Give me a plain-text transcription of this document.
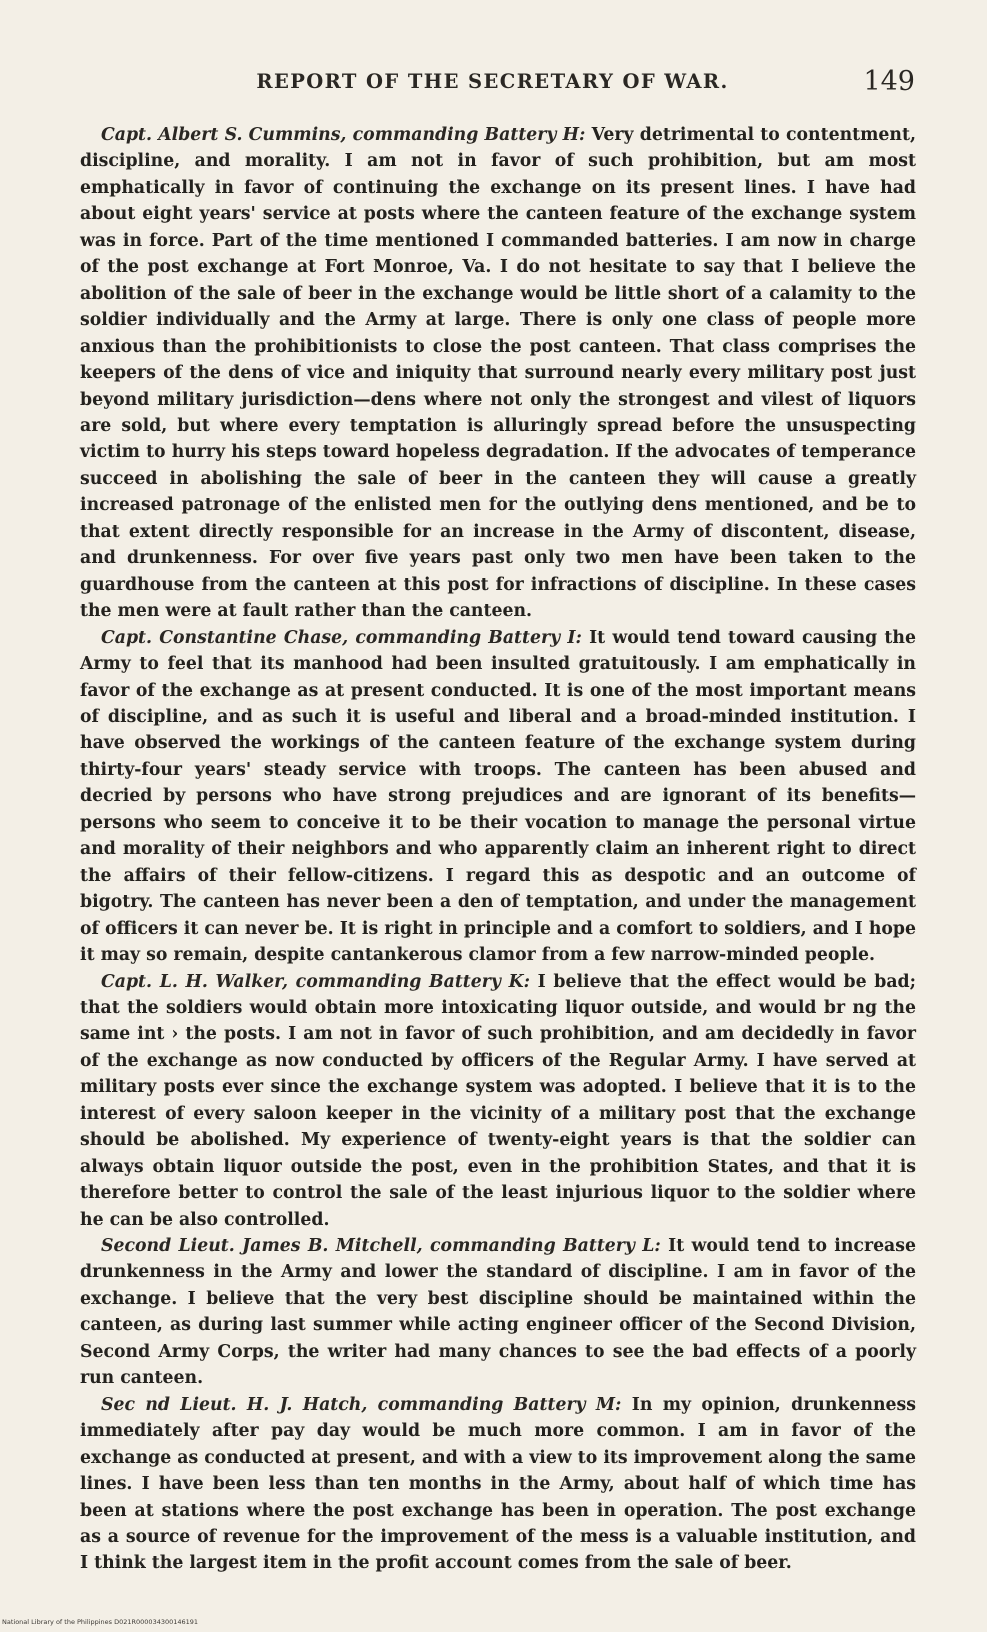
REPORT OF THE SECRETARY OF WAR.	149

Capt. Albert S. Cummins, commanding Battery H: Very detrimental to contentment, discipline, and morality. I am not in favor of such prohibition, but am most emphatically in favor of continuing the exchange on its present lines. I have had about eight years' service at posts where the canteen feature of the exchange system was in force. Part of the time mentioned I commanded batteries. I am now in charge of the post exchange at Fort Monroe, Va. I do not hesitate to say that I believe the abolition of the sale of beer in the exchange would be little short of a calamity to the soldier individually and the Army at large. There is only one class of people more anxious than the prohibitionists to close the post canteen. That class comprises the keepers of the dens of vice and iniquity that surround nearly every military post just beyond military jurisdiction—dens where not only the strongest and vilest of liquors are sold, but where every temptation is alluringly spread before the unsuspecting victim to hurry his steps toward hopeless degradation. If the advocates of temperance succeed in abolishing the sale of beer in the canteen they will cause a greatly increased patronage of the enlisted men for the outlying dens mentioned, and be to that extent directly responsible for an increase in the Army of discontent, disease, and drunkenness. For over five years past only two men have been taken to the guardhouse from the canteen at this post for infractions of discipline. In these cases the men were at fault rather than the canteen.

Capt. Constantine Chase, commanding Battery I: It would tend toward causing the Army to feel that its manhood had been insulted gratuitously. I am emphatically in favor of the exchange as at present conducted. It is one of the most important means of discipline, and as such it is useful and liberal and a broad-minded institution. I have observed the workings of the canteen feature of the exchange system during thirty-four years' steady service with troops. The canteen has been abused and decried by persons who have strong prejudices and are ignorant of its benefits—persons who seem to conceive it to be their vocation to manage the personal virtue and morality of their neighbors and who apparently claim an inherent right to direct the affairs of their fellow-citizens. I regard this as despotic and an outcome of bigotry. The canteen has never been a den of temptation, and under the management of officers it can never be. It is right in principle and a comfort to soldiers, and I hope it may so remain, despite cantankerous clamor from a few narrow-minded people.

Capt. L. H. Walker, commanding Battery K: I believe that the effect would be bad; that the soldiers would obtain more intoxicating liquor outside, and would br ng the same int › the posts. I am not in favor of such prohibition, and am decidedly in favor of the exchange as now conducted by officers of the Regular Army. I have served at military posts ever since the exchange system was adopted. I believe that it is to the interest of every saloon keeper in the vicinity of a military post that the exchange should be abolished. My experience of twenty-eight years is that the soldier can always obtain liquor outside the post, even in the prohibition States, and that it is therefore better to control the sale of the least injurious liquor to the soldier where he can be also controlled.

Second Lieut. James B. Mitchell, commanding Battery L: It would tend to increase drunkenness in the Army and lower the standard of discipline. I am in favor of the exchange. I believe that the very best discipline should be maintained within the canteen, as during last summer while acting engineer officer of the Second Division, Second Army Corps, the writer had many chances to see the bad effects of a poorly run canteen.

Sec nd Lieut. H. J. Hatch, commanding Battery M: In my opinion, drunkenness immediately after pay day would be much more common. I am in favor of the exchange as conducted at present, and with a view to its improvement along the same lines. I have been less than ten months in the Army, about half of which time has been at stations where the post exchange has been in operation. The post exchange as a source of revenue for the improvement of the mess is a valuable institution, and I think the largest item in the profit account comes from the sale of beer.

National Library of the Philippines D021R000034300146191
